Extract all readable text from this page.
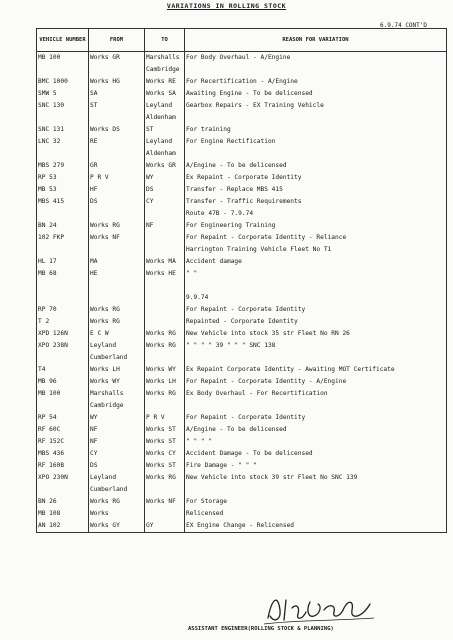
VARIATIONS IN ROLLING STOCK
6.9.74 CONT'D
VEHICLE NUMBER	FROM	TO	REASON FOR VARIATION
MB 100	Works GR	Marshalls	For Body Overhaul - A/Engine
		Cambridge	
BMC 1000	Works HG	Works RE	For Recertification - A/Engine
SMW 5	SA	Works SA	Awaiting Engine - To be delicensed
SNC 130	ST	Leyland	Gearbox Repairs - EX Training Vehicle
		Aldenham	
SNC 131	Works DS	ST	For training
LNC 32	RE	Leyland	For Engine Rectification
		Aldenham	
MBS 279	GR	Works GR	A/Engine - To be delicensed
RP 53	P R V	WY	Ex Repaint - Corporate Identity
MB 53	HF	DS	Transfer - Replace MBS 415
MBS 415	DS	CY	Transfer - Traffic Requirements
			Route 47B - 7.9.74
BN 24	Works RG	NF	For Engineering Training
102 FKP	Works NF		For Repaint - Corporate Identity - Reliance
			Harrington Training Vehicle Fleet No T1
HL 17	MA	Works MA	Accident damage
MB 68	HE	Works HE	" "

			9.9.74
RP 70	Works RG		For Repaint - Corporate Identity
T 2	Works RG		Repainted - Corporate Identity
XPD 126N	E C W	Works RG	New Vehicle into stock 35 str Fleet No RN 26
XPO 238N	Leyland	Works RG	" " " " 39 " " " SNC 138
	Cumberland		
T4	Works LH	Works WY	Ex Repaint Corporate Identity - Awaiting MOT Certificate
MB 96	Works WY	Works LH	For Repaint - Corporate Identity - A/Engine
MB 100	Marshalls	Works RG	Ex Body Overhaul - For Recertification
	Cambridge		
RP 54	WY	P R V	For Repaint - Corporate Identity
RF 60C	NF	Works ST	A/Engine - To be delicensed
RF 152C	NF	Works ST	" " " "
MBS 436	CY	Works CY	Accident Damage - To be delicensed
RF 160B	DS	Works ST	Fire Damage - " " "
XPO 230N	Leyland	Works RG	New Vehicle into stock 39 str Fleet No SNC 139
	Cumberland		
BN 26	Works RG	Works NF	For Storage
MB 108	Works		Relicensed
AN 102	Works GY	GY	EX Engine Change - Relicensed
ASSISTANT ENGINEER(ROLLING STOCK & PLANNING)
